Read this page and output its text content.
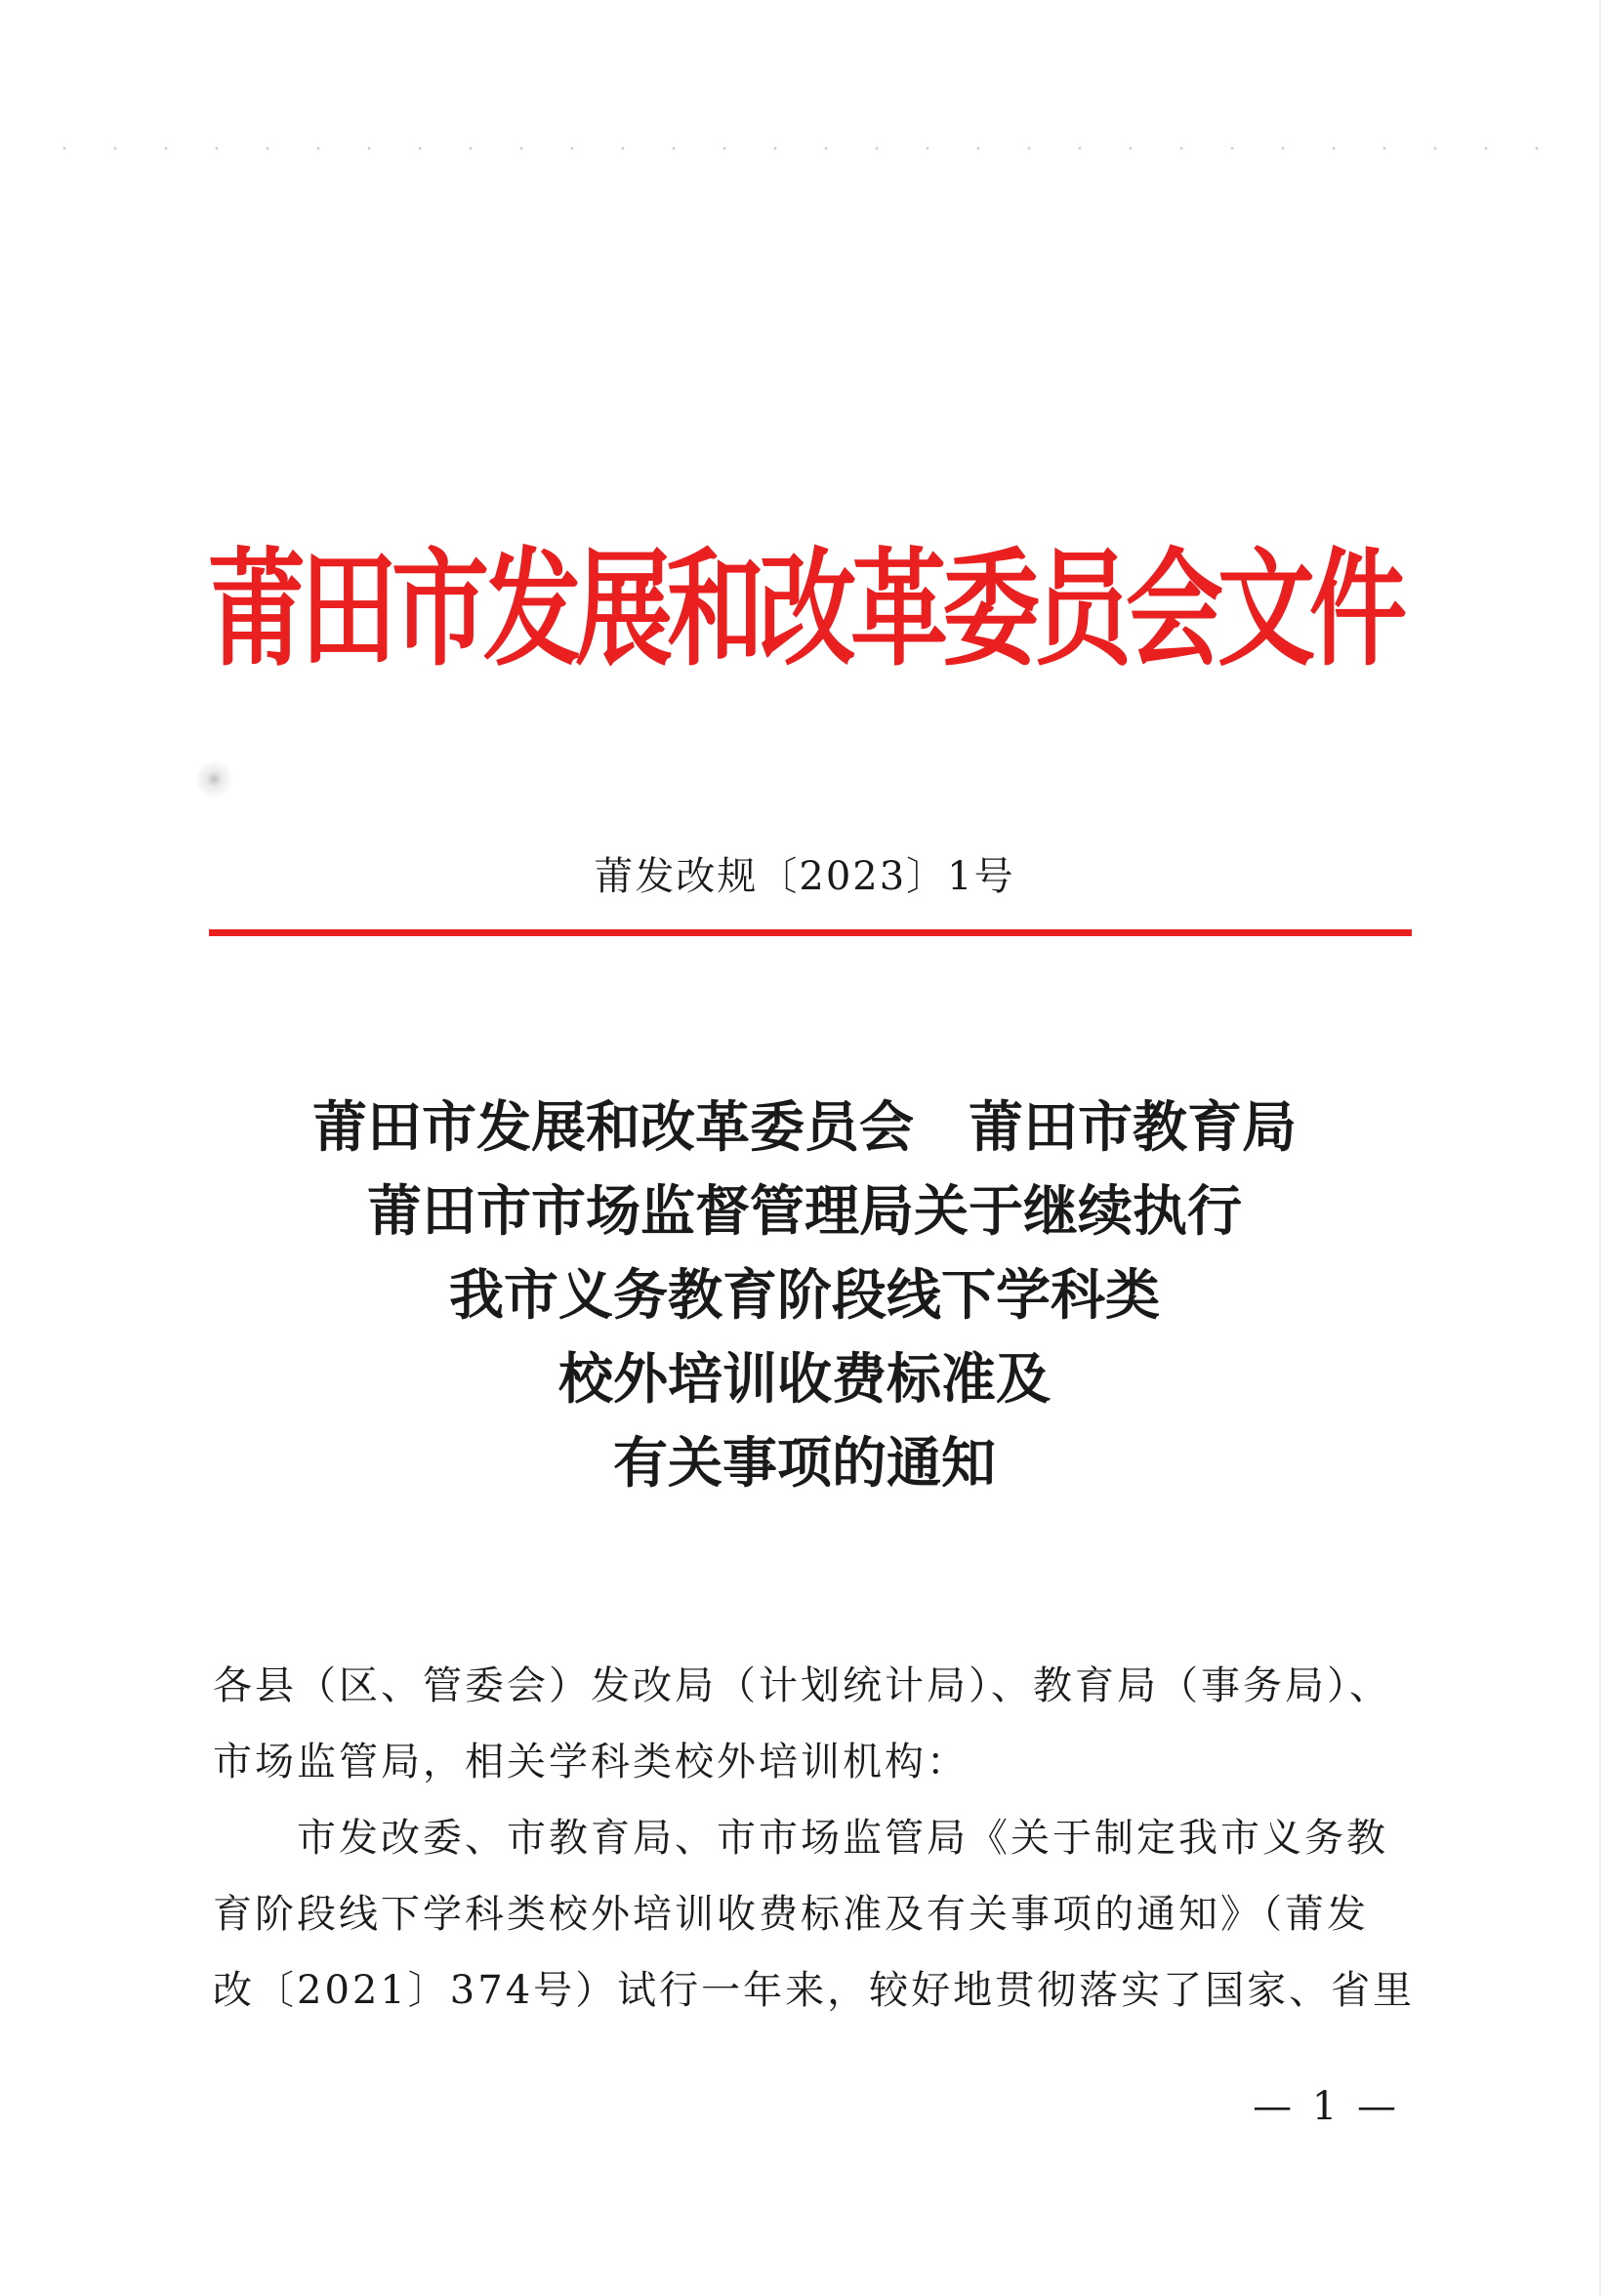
莆田市发展和改革委员会文件
莆发改规〔2023〕1号
莆田市发展和改革委员会　莆田市教育局
莆田市市场监督管理局关于继续执行
我市义务教育阶段线下学科类
校外培训收费标准及
有关事项的通知
各县（区、管委会）发改局（计划统计局）、教育局（事务局）、
市场监管局，相关学科类校外培训机构：
市发改委、市教育局、市市场监管局《关于制定我市义务教
育阶段线下学科类校外培训收费标准及有关事项的通知》（莆发
改〔2021〕374号）试行一年来，较好地贯彻落实了国家、省里
— 1 —
